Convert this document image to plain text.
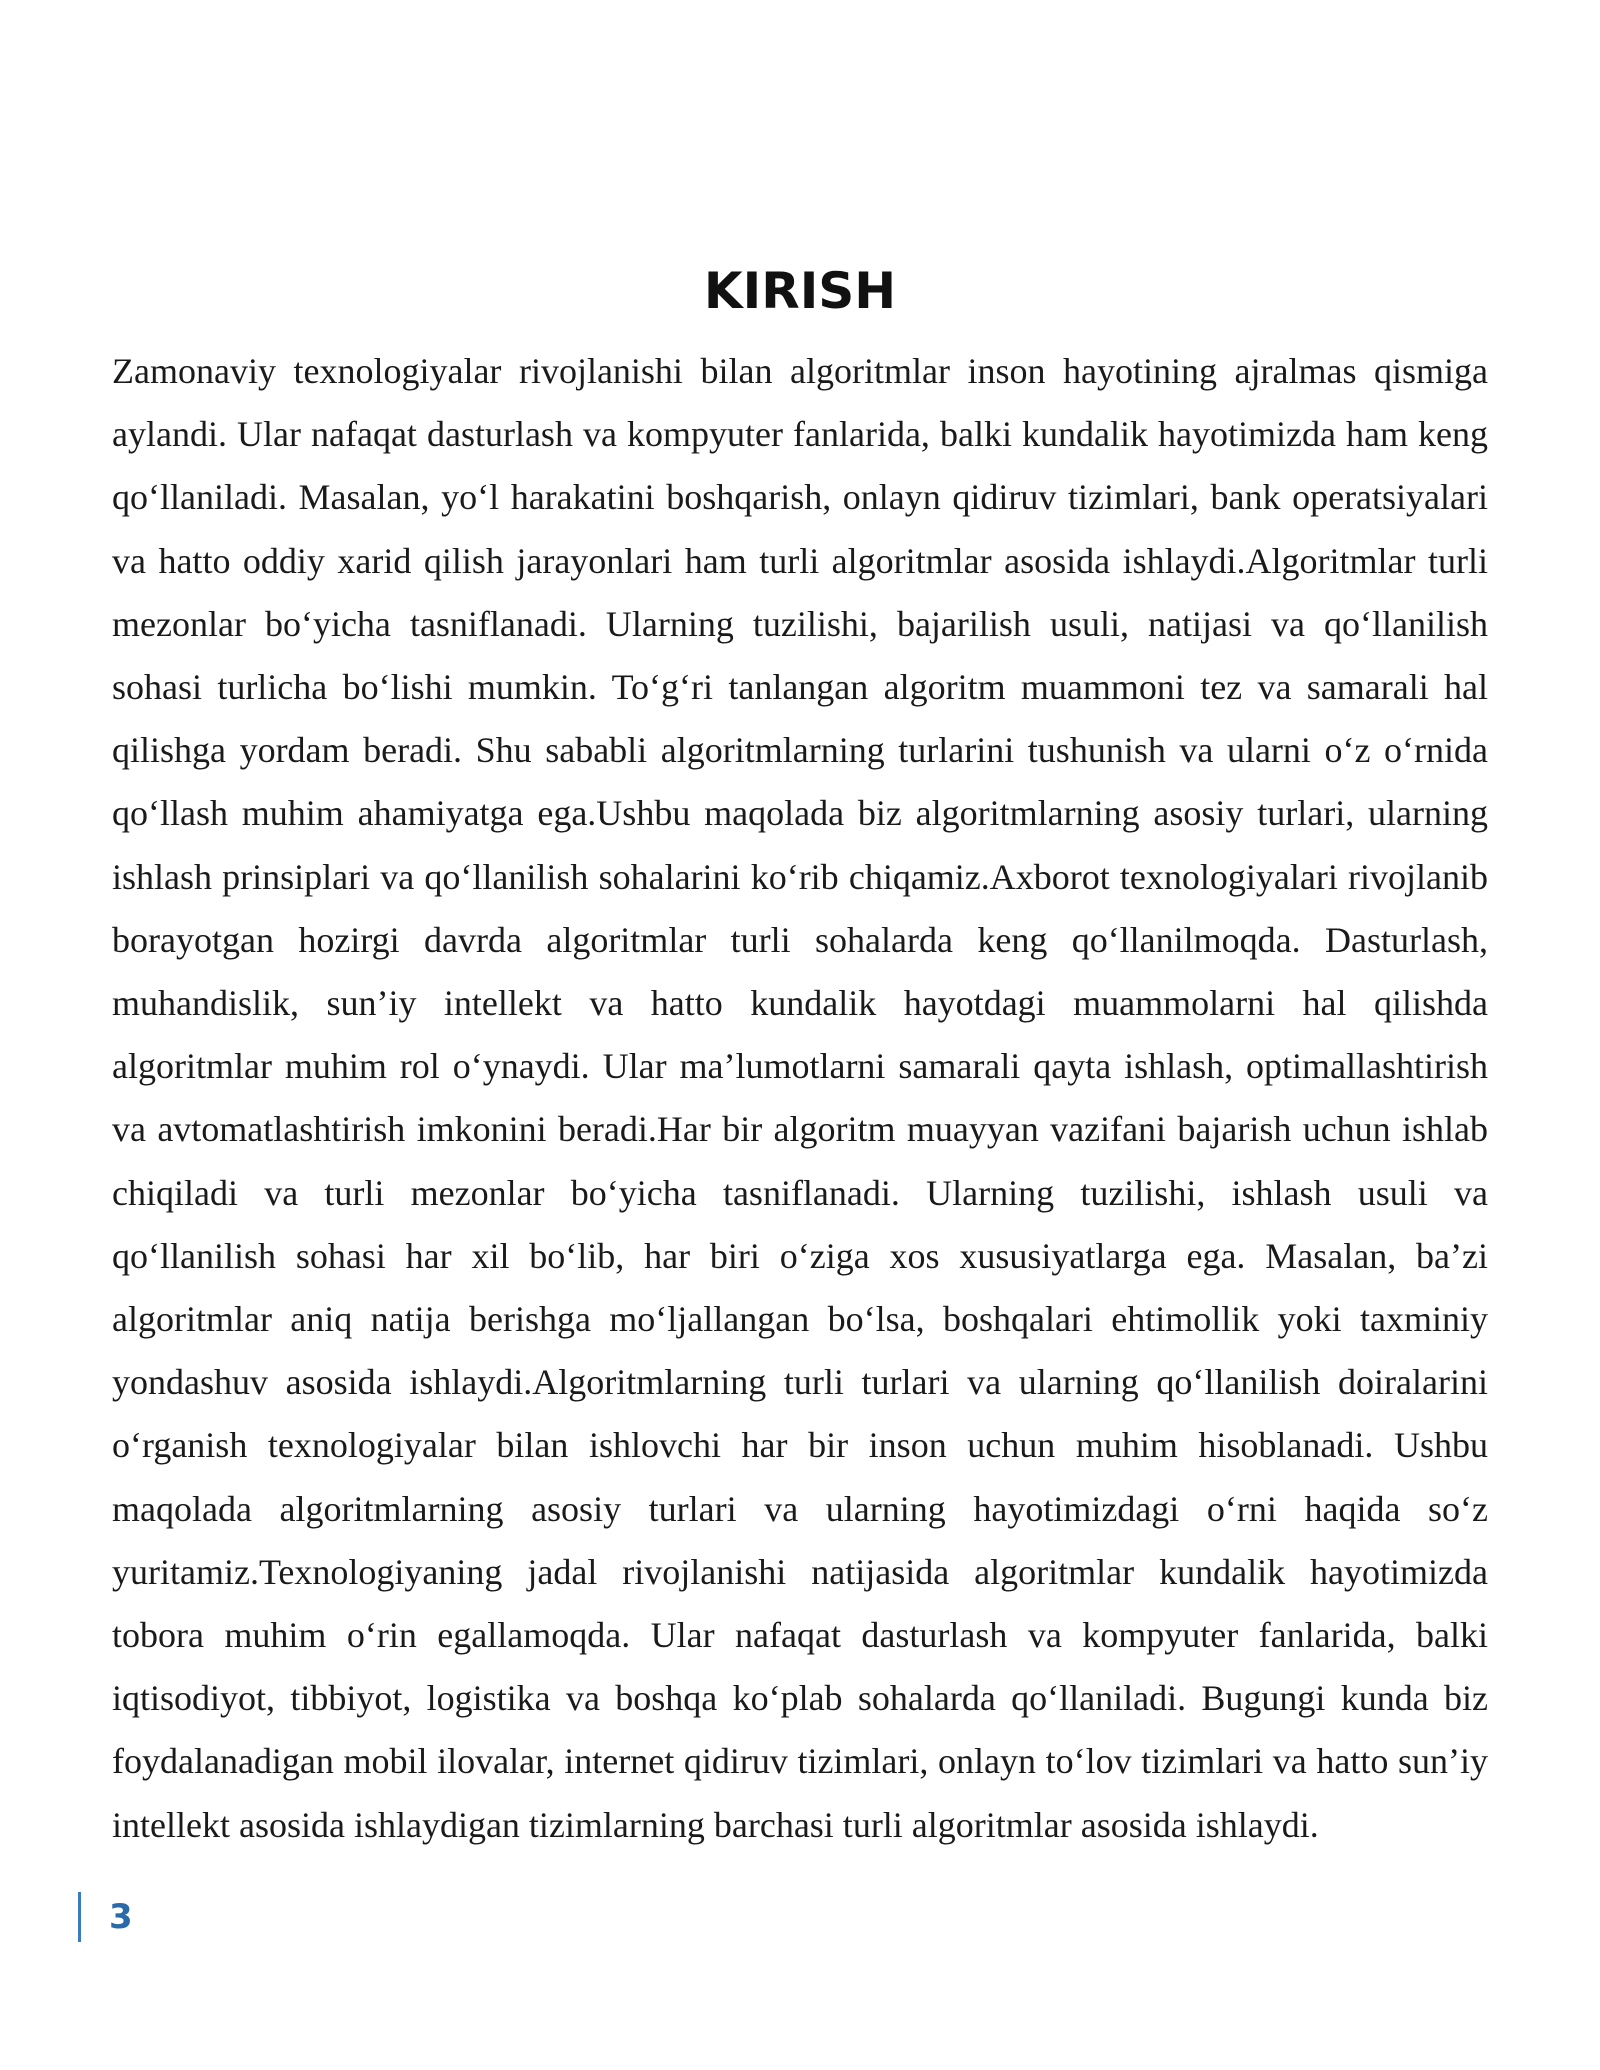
KIRISH

Zamonaviy texnologiyalar rivojlanishi bilan algoritmlar inson hayotining ajralmas qismiga aylandi. Ular nafaqat dasturlash va kompyuter fanlarida, balki kundalik hayotimizda ham keng qo‘llaniladi. Masalan, yo‘l harakatini boshqarish, onlayn qidiruv tizimlari, bank operatsiyalari va hatto oddiy xarid qilish jarayonlari ham turli algoritmlar asosida ishlaydi.Algoritmlar turli mezonlar bo‘yicha tasniflanadi. Ularning tuzilishi, bajarilish usuli, natijasi va qo‘llanilish sohasi turlicha bo‘lishi mumkin. To‘g‘ri tanlangan algoritm muammoni tez va samarali hal qilishga yordam beradi. Shu sababli algoritmlarning turlarini tushunish va ularni o‘z o‘rnida qo‘llash muhim ahamiyatga ega.Ushbu maqolada biz algoritmlarning asosiy turlari, ularning ishlash prinsiplari va qo‘llanilish sohalarini ko‘rib chiqamiz.Axborot texnologiyalari rivojlanib borayotgan hozirgi davrda algoritmlar turli sohalarda keng qo‘llanilmoqda. Dasturlash, muhandislik, sun’iy intellekt va hatto kundalik hayotdagi muammolarni hal qilishda algoritmlar muhim rol o‘ynaydi. Ular ma’lumotlarni samarali qayta ishlash, optimallashtirish va avtomatlashtirish imkonini beradi.Har bir algoritm muayyan vazifani bajarish uchun ishlab chiqiladi va turli mezonlar bo‘yicha tasniflanadi. Ularning tuzilishi, ishlash usuli va qo‘llanilish sohasi har xil bo‘lib, har biri o‘ziga xos xususiyatlarga ega. Masalan, ba’zi algoritmlar aniq natija berishga mo‘ljallangan bo‘lsa, boshqalari ehtimollik yoki taxminiy yondashuv asosida ishlaydi.Algoritmlarning turli turlari va ularning qo‘llanilish doiralarini o‘rganish texnologiyalar bilan ishlovchi har bir inson uchun muhim hisoblanadi. Ushbu maqolada algoritmlarning asosiy turlari va ularning hayotimizdagi o‘rni haqida so‘z yuritamiz.Texnologiyaning jadal rivojlanishi natijasida algoritmlar kundalik hayotimizda tobora muhim o‘rin egallamoqda. Ular nafaqat dasturlash va kompyuter fanlarida, balki iqtisodiyot, tibbiyot, logistika va boshqa ko‘plab sohalarda qo‘llaniladi. Bugungi kunda biz foydalanadigan mobil ilovalar, internet qidiruv tizimlari, onlayn to‘lov tizimlari va hatto sun’iy intellekt asosida ishlaydigan tizimlarning barchasi turli algoritmlar asosida ishlaydi.

3
